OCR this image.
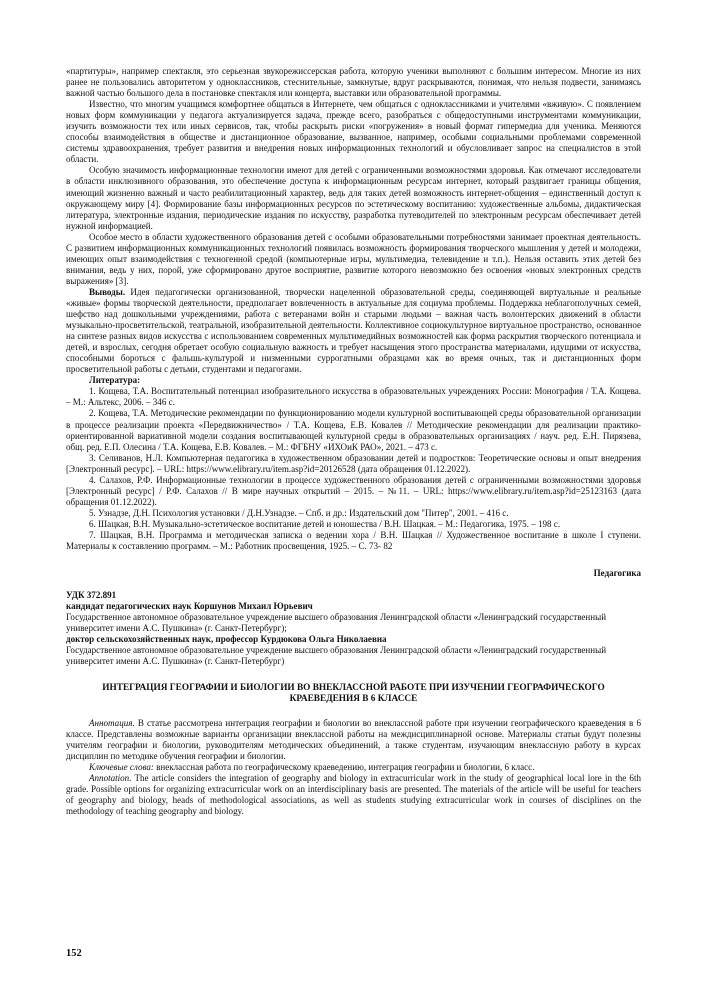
«партитуры», например спектакля, это серьезная звукорежиссерская работа, которую ученики выполняют с большим интересом. Многие из них ранее не пользовались авторитетом у одноклассников, стеснительные, замкнутые, вдруг раскрываются, понимая, что нельзя подвести, занимаясь важной частью большого дела в постановке спектакля или концерта, выставки или образовательной программы.

Известно, что многим учащимся комфортнее общаться в Интернете, чем общаться с одноклассниками и учителями «вживую». С появлением новых форм коммуникации у педагога актуализируется задача, прежде всего, разобраться с общедоступными инструментами коммуникации, изучить возможности тех или иных сервисов, так, чтобы раскрыть риски «погружения» в новый формат гипермедиа для ученика. Меняются способы взаимодействия в обществе и дистанционное образование, вызванное, например, особыми социальными проблемами современной системы здравоохранения, требует развития и внедрения новых информационных технологий и обусловливает запрос на специалистов в этой области.

Особую значимость информационные технологии имеют для детей с ограниченными возможностями здоровья. Как отмечают исследователи в области инклюзивного образования, это обеспечение доступа к информационным ресурсам интернет, который раздвигает границы общения, имеющий жизненно важный и часто реабилитационный характер, ведь для таких детей возможность интернет-общения – единственный доступ к окружающему миру [4]. Формирование базы информационных ресурсов по эстетическому воспитанию: художественные альбомы, дидактическая литература, электронные издания, периодические издания по искусству, разработка путеводителей по электронным ресурсам обеспечивает детей нужной информацией.

Особое место в области художественного образования детей с особыми образовательными потребностями занимает проектная деятельность. С развитием информационных коммуникационных технологий появилась возможность формирования творческого мышления у детей и молодежи, имеющих опыт взаимодействия с техногенной средой (компьютерные игры, мультимедиа, телевидение и т.п.). Нельзя оставить этих детей без внимания, ведь у них, порой, уже сформировано другое восприятие, развитие которого невозможно без освоения «новых электронных средств выражения» [3].

Выводы. Идея педагогически организованной, творчески нацеленной образовательной среды, соединяющей виртуальные и реальные «живые» формы творческой деятельности, предполагает вовлеченность в актуальные для социума проблемы. Поддержка неблагополучных семей, шефство над дошкольными учреждениями, работа с ветеранами войн и старыми людьми – важная часть волонтерских движений в области музыкально-просветительской, театральной, изобразительной деятельности. Коллективное социокультурное виртуальное пространство, основанное на синтезе разных видов искусства с использованием современных мультимедийных возможностей как форма раскрытия творческого потенциала и детей, и взрослых, сегодня обретает особую социальную важность и требует насыщения этого пространства материалами, идущими от искусства, способными бороться с фальшь-культурой и низменными суррогатными образцами как во время очных, так и дистанционных форм просветительной работы с детьми, студентами и педагогами.

Литература:

1. Кощева, Т.А. Воспитательный потенциал изобразительного искусства в образовательных учреждениях России: Монография / Т.А. Кощева. – М.: Альтекс, 2006. – 346 с.

2. Кощева, Т.А. Методические рекомендации по функционированию модели культурной воспитывающей среды образовательной организации в процессе реализации проекта «Передвижничество» / Т.А. Кощева, Е.В. Ковалев // Методические рекомендации для реализации практико-ориентированной вариативной модели создания воспитывающей культурной среды в образовательных организациях / науч. ред. Е.Н. Пирязева, общ. ред. Е.П. Олесина / Т.А. Кощева, Е.В. Ковалев. – М.: ФГБНУ «ИХОиК РАО», 2021. – 473 с.

3. Селиванов, Н.Л. Компьютерная педагогика в художественном образовании детей и подростков: Теоретические основы и опыт внедрения [Электронный ресурс]. – URL: https://www.elibrary.ru/item.asp?id=20126528 (дата обращения 01.12.2022).

4. Салахов, Р.Ф. Информационные технологии в процессе художественного образования детей с ограниченными возможностями здоровья [Электронный ресурс] / Р.Ф. Салахов // В мире научных открытий – 2015. – №11. – URL: https://www.elibrary.ru/item.asp?id=25123163 (дата обращения 01.12.2022).

5. Узнадзе, Д.Н. Психология установки / Д.Н.Узнадзе. – Спб. и др.: Издательский дом "Питер", 2001. – 416 с.

6. Шацкая, В.Н. Музыкально-эстетическое воспитание детей и юношества / В.Н. Шацкая. – М.: Педагогика, 1975. – 198 с.

7. Шацкая, В.Н. Программа и методическая записка о ведении хора / В.Н. Шацкая // Художественное воспитание в школе I ступени. Материалы к составлению программ. – М.: Работник просвещения, 1925. – С. 73- 82

Педагогика

УДК 372.891

кандидат педагогических наук Коршунов Михаил Юрьевич

Государственное автономное образовательное учреждение высшего образования Ленинградской области «Ленинградский государственный университет имени А.С. Пушкина» (г. Санкт-Петербург);

доктор сельскохозяйственных наук, профессор Курдюкова Ольга Николаевна

Государственное автономное образовательное учреждение высшего образования Ленинградской области «Ленинградский государственный университет имени А.С. Пушкина» (г. Санкт-Петербург)

ИНТЕГРАЦИЯ ГЕОГРАФИИ И БИОЛОГИИ ВО ВНЕКЛАССНОЙ РАБОТЕ ПРИ ИЗУЧЕНИИ ГЕОГРАФИЧЕСКОГО КРАЕВЕДЕНИЯ В 6 КЛАССЕ

Аннотация. В статье рассмотрена интеграция географии и биологии во внеклассной работе при изучении географического краеведения в 6 классе. Представлены возможные варианты организации внеклассной работы на междисциплинарной основе. Материалы статьи будут полезны учителям географии и биологии, руководителям методических объединений, а также студентам, изучающим внеклассную работу в курсах дисциплин по методике обучения географии и биологии.

Ключевые слова: внеклассная работа по географическому краеведению, интеграция географии и биологии, 6 класс.

Annotation. The article considers the integration of geography and biology in extracurricular work in the study of geographical local lore in the 6th grade. Possible options for organizing extracurricular work on an interdisciplinary basis are presented. The materials of the article will be useful for teachers of geography and biology, heads of methodological associations, as well as students studying extracurricular work in courses of disciplines on the methodology of teaching geography and biology.

152
